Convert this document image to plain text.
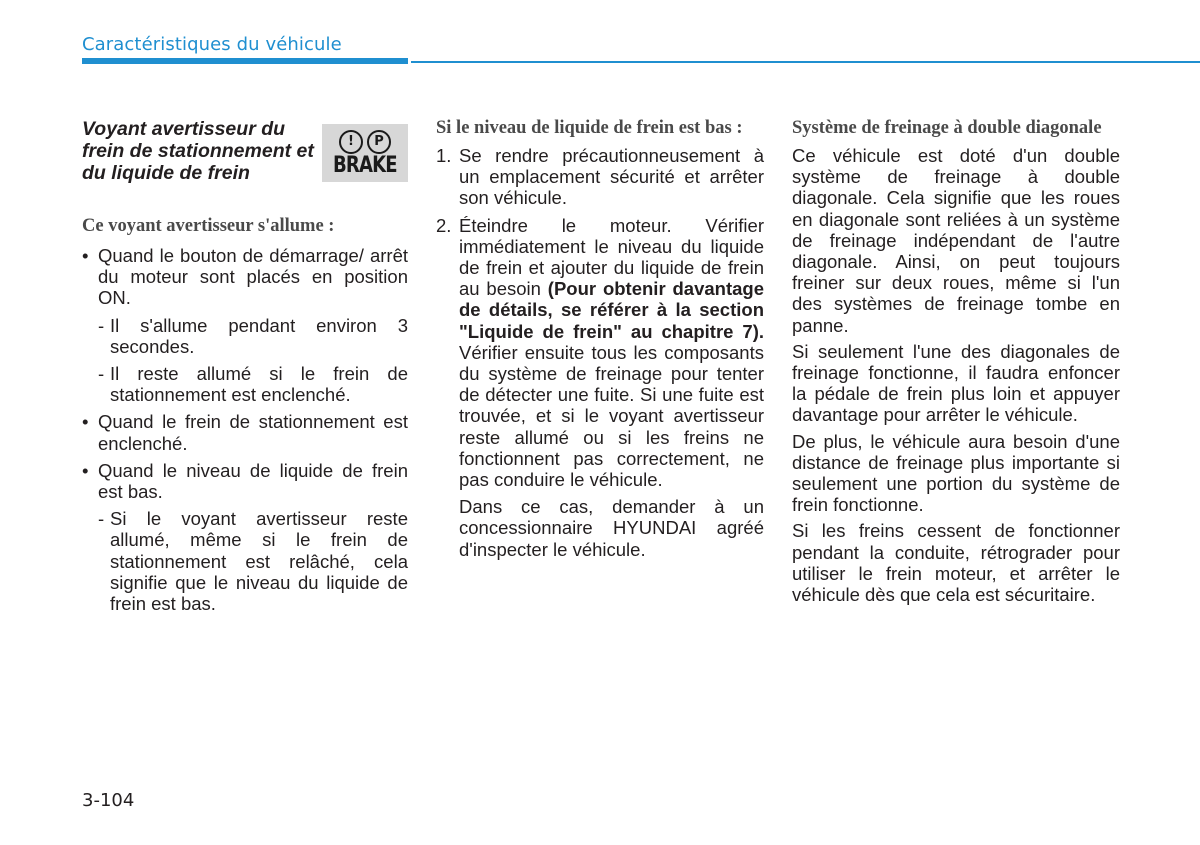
Caractéristiques du véhicule
Voyant avertisseur du frein de stationnement et du liquide de frein
!	P
BRAKE
Ce voyant avertisseur s'allume :
• Quand le bouton de démarrage/ arrêt du moteur sont placés en position ON.
- Il s'allume pendant environ 3 secondes.
- Il reste allumé si le frein de stationnement est enclenché.
• Quand le frein de stationnement est enclenché.
• Quand le niveau de liquide de frein est bas.
- Si le voyant avertisseur reste allumé, même si le frein de stationnement est relâché, cela signifie que le niveau du liquide de frein est bas.
Si le niveau de liquide de frein est bas :
1. Se rendre précautionneusement à un emplacement sécurité et arrêter son véhicule.
2. Éteindre le moteur. Vérifier immédiatement le niveau du liquide de frein et ajouter du liquide de frein au besoin (Pour obtenir davantage de détails, se référer à la section "Liquide de frein" au chapitre 7). Vérifier ensuite tous les composants du système de freinage pour tenter de détecter une fuite. Si une fuite est trouvée, et si le voyant avertisseur reste allumé ou si les freins ne fonctionnent pas correctement, ne pas conduire le véhicule.

Dans ce cas, demander à un concessionnaire HYUNDAI agréé d'inspecter le véhicule.

Système de freinage à double diagonale

Ce véhicule est doté d'un double système de freinage à double diagonale. Cela signifie que les roues en diagonale sont reliées à un système de freinage indépendant de l'autre diagonale. Ainsi, on peut toujours freiner sur deux roues, même si l'un des systèmes de freinage tombe en panne.

Si seulement l'une des diagonales de freinage fonctionne, il faudra enfoncer la pédale de frein plus loin et appuyer davantage pour arrêter le véhicule.

De plus, le véhicule aura besoin d'une distance de freinage plus importante si seulement une portion du système de frein fonctionne.

Si les freins cessent de fonctionner pendant la conduite, rétrograder pour utiliser le frein moteur, et arrêter le véhicule dès que cela est sécuritaire.

3-104
